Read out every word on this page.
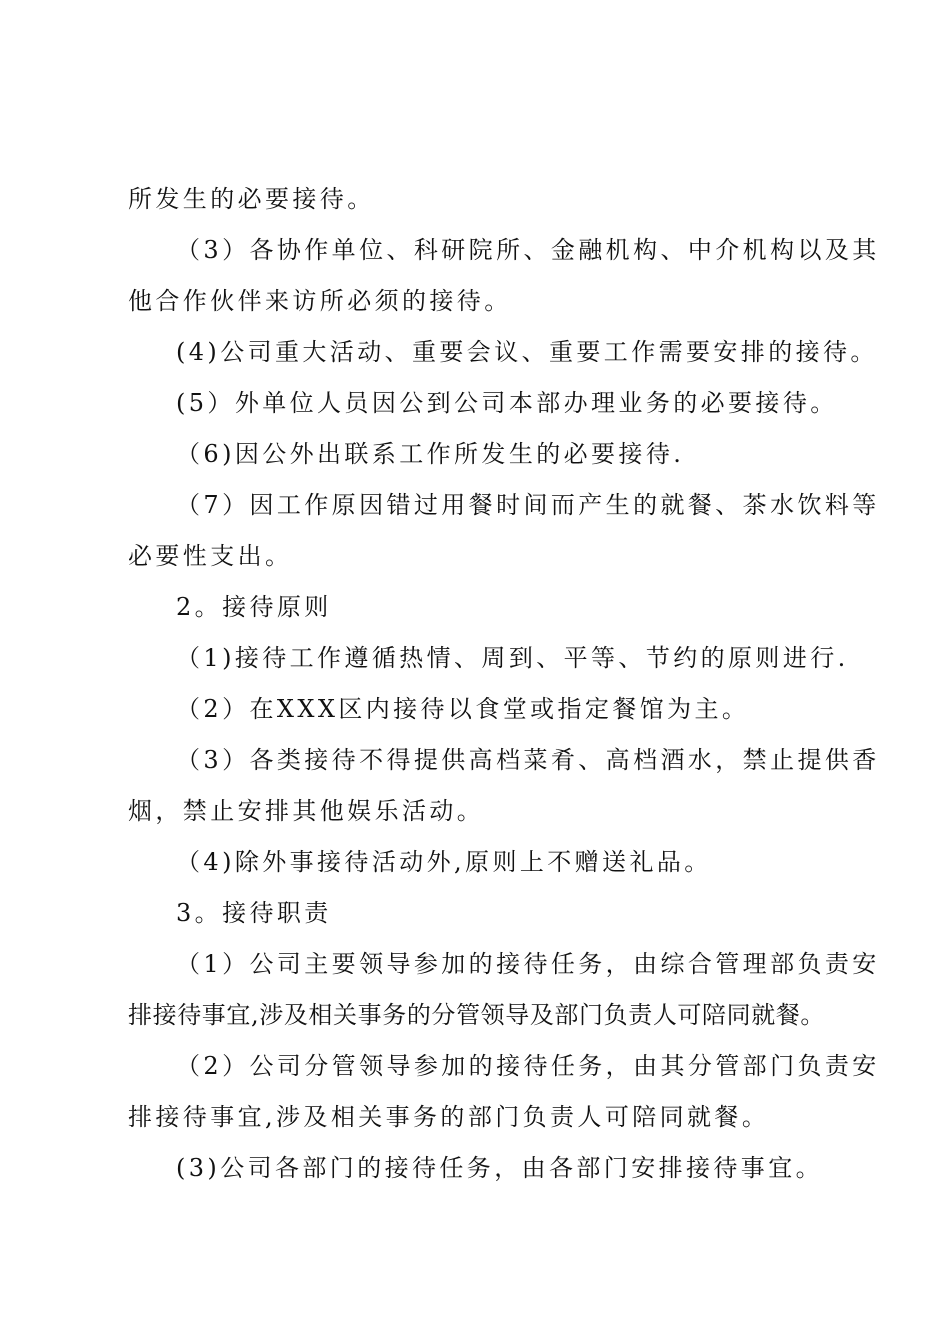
所发生的必要接待。
（3）各协作单位、科研院所、金融机构、中介机构以及其
他合作伙伴来访所必须的接待。
(4)公司重大活动、重要会议、重要工作需要安排的接待。
(5）外单位人员因公到公司本部办理业务的必要接待。
（6)因公外出联系工作所发生的必要接待.
（7）因工作原因错过用餐时间而产生的就餐、茶水饮料等
必要性支出。
2。接待原则
（1)接待工作遵循热情、周到、平等、节约的原则进行.
（2）在XXX区内接待以食堂或指定餐馆为主。
（3）各类接待不得提供高档菜肴、高档酒水，禁止提供香
烟，禁止安排其他娱乐活动。
（4)除外事接待活动外,原则上不赠送礼品。
3。接待职责
（1）公司主要领导参加的接待任务，由综合管理部负责安
排接待事宜,涉及相关事务的分管领导及部门负责人可陪同就餐。
（2）公司分管领导参加的接待任务，由其分管部门负责安
排接待事宜,涉及相关事务的部门负责人可陪同就餐。
(3)公司各部门的接待任务，由各部门安排接待事宜。
